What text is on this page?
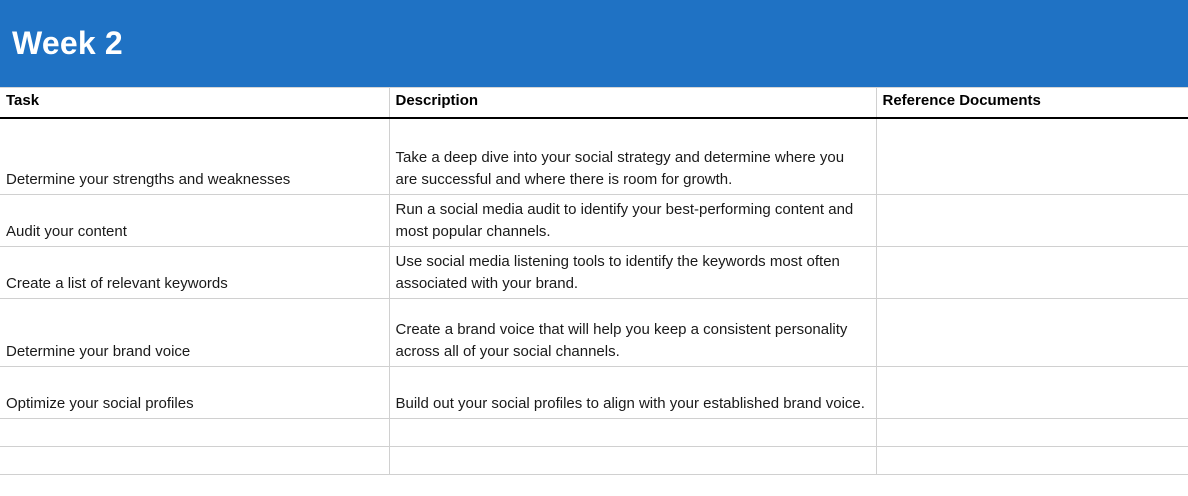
Week 2
Task	Description	Reference Documents
Determine your strengths and weaknesses	Take a deep dive into your social strategy and determine where you are successful and where there is room for growth.	
Audit your content	Run a social media audit to identify your best-performing content and most popular channels.	
Create a list of relevant keywords	Use social media listening tools to identify the keywords most often associated with your brand.	
Determine your brand voice	Create a brand voice that will help you keep a consistent personality across all of your social channels.	
Optimize your social profiles	Build out your social profiles to align with your established brand voice.	
